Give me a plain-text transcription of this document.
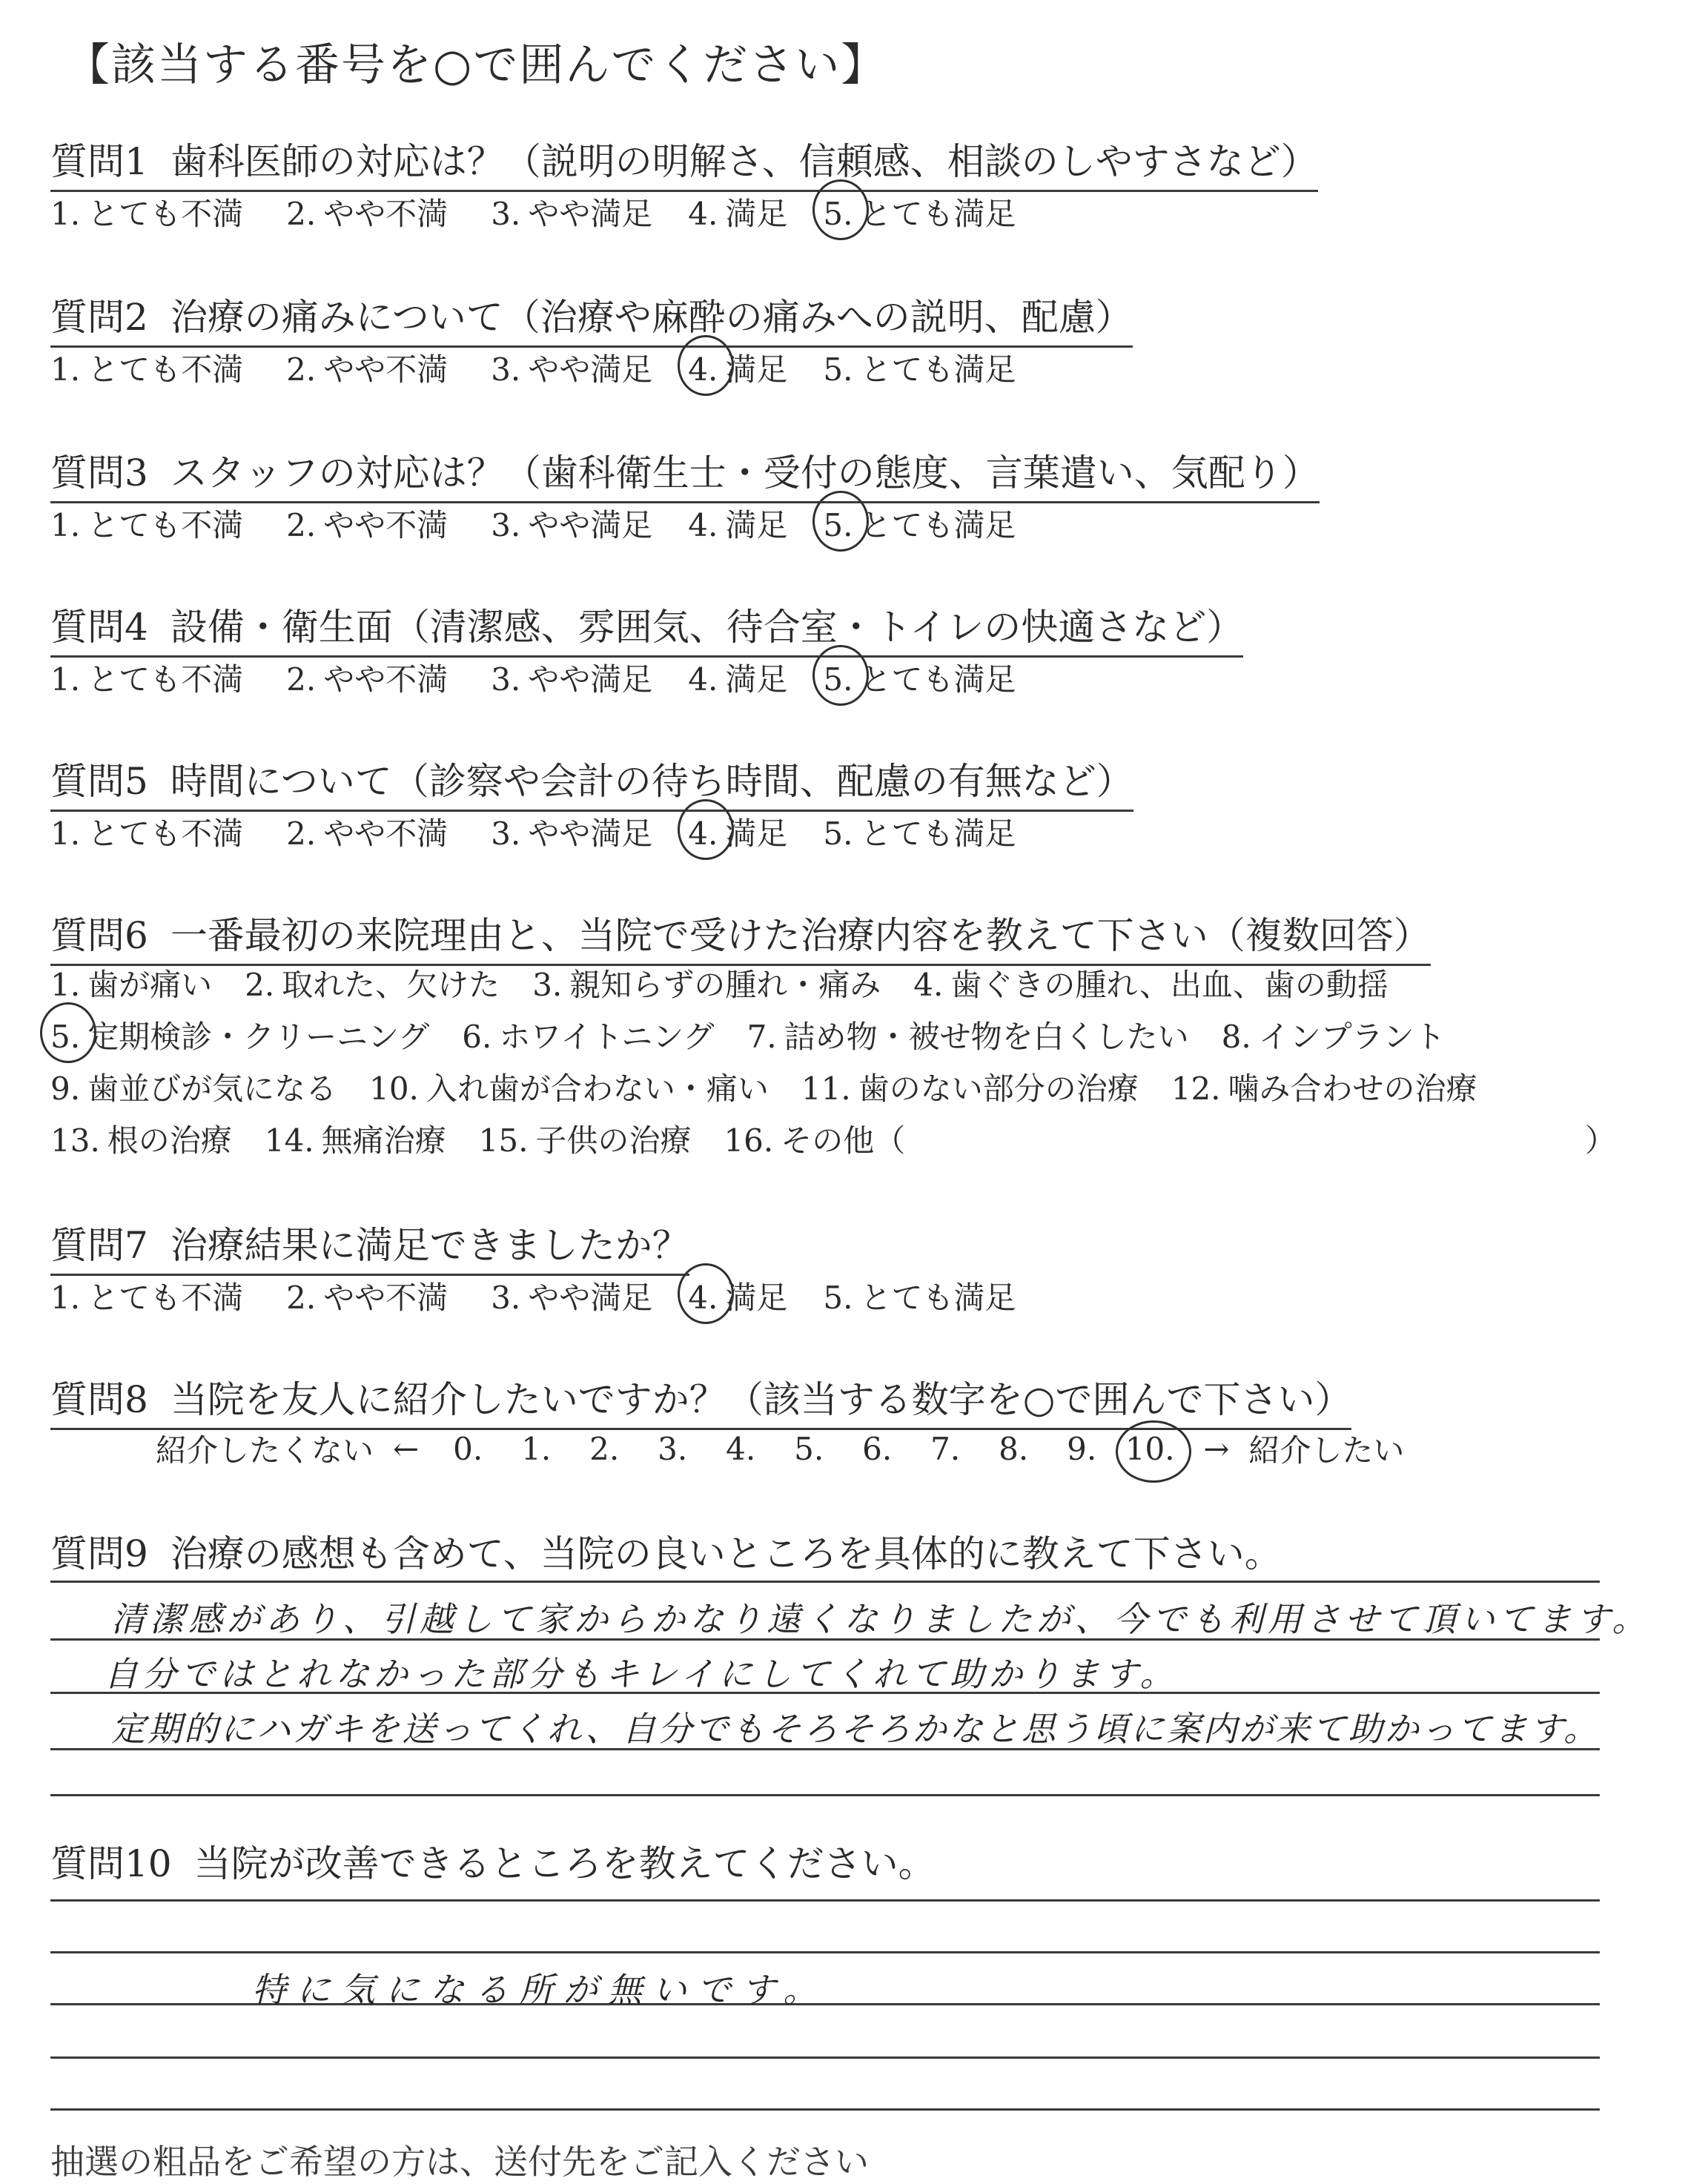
【該当する番号を○で囲んでください】
質問1 歯科医師の対応は？（説明の明解さ、信頼感、相談のしやすさなど）
1. とても不満 2. やや不満 3. やや満足 4. 満足 5. とても満足
質問2 治療の痛みについて（治療や麻酔の痛みへの説明、配慮）
1. とても不満 2. やや不満 3. やや満足 4. 満足 5. とても満足
質問3 スタッフの対応は？（歯科衛生士・受付の態度、言葉遣い、気配り）
1. とても不満 2. やや不満 3. やや満足 4. 満足 5. とても満足
質問4 設備・衛生面（清潔感、雰囲気、待合室・トイレの快適さなど）
1. とても不満 2. やや不満 3. やや満足 4. 満足 5. とても満足
質問5 時間について（診察や会計の待ち時間、配慮の有無など）
1. とても不満 2. やや不満 3. やや満足 4. 満足 5. とても満足
質問6 一番最初の来院理由と、当院で受けた治療内容を教えて下さい（複数回答）
1. 歯が痛い 2. 取れた、欠けた 3. 親知らずの腫れ・痛み 4. 歯ぐきの腫れ、出血、歯の動揺
5. 定期検診・クリーニング 6. ホワイトニング 7. 詰め物・被せ物を白くしたい 8. インプラント
9. 歯並びが気になる 10. 入れ歯が合わない・痛い 11. 歯のない部分の治療 12. 噛み合わせの治療
13. 根の治療 14. 無痛治療 15. 子供の治療 16. その他（	）
質問7 治療結果に満足できましたか？
1. とても不満 2. やや不満 3. やや満足 4. 満足 5. とても満足
質問8 当院を友人に紹介したいですか？（該当する数字を○で囲んで下さい）
紹介したくない ←	0.	1.	2.	3.	4.	5.	6.	7.	8.	9. 10. → 紹介したい
質問9 治療の感想も含めて、当院の良いところを具体的に教えて下さい。
清潔感があり、引越して家からかなり遠くなりましたが、今でも利用させて頂いてます。
自分ではとれなかった部分もキレイにしてくれて助かります。
定期的にハガキを送ってくれ、自分でもそろそろかなと思う頃に案内が来て助かってます。
質問10 当院が改善できるところを教えてください。
特に気になる所が無いです。
抽選の粗品をご希望の方は、送付先をご記入ください
